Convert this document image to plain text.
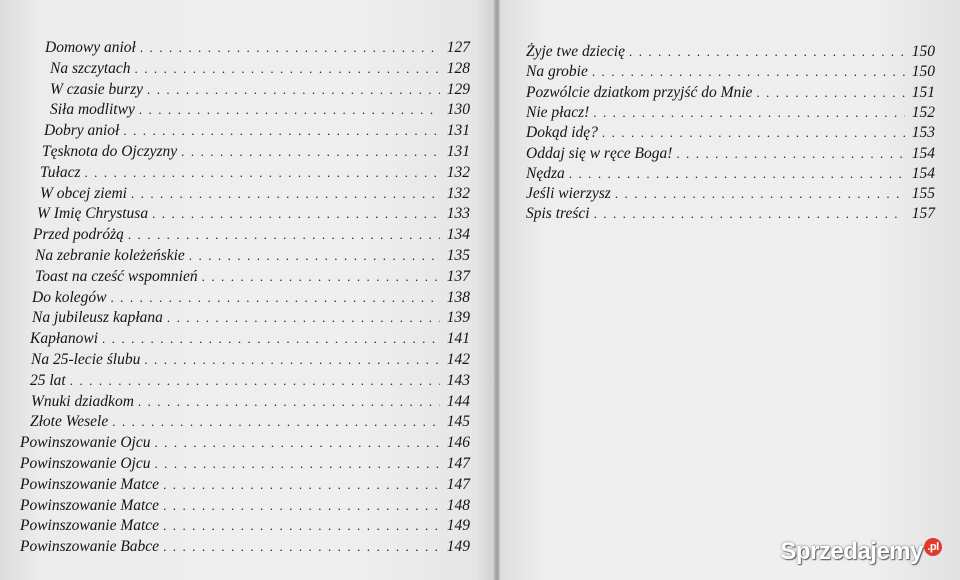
Domowy anioł . . .	127
Na szczytach . . .	128
W czasie burzy . . .	129
Siła modlitwy . . .	130
Dobry anioł . . .	131
Tęsknota do Ojczyzny . . .	131
Tułacz . . .	132
W obcej ziemi . . .	132
W Imię Chrystusa . . .	133
Przed podróżą . . .	134
Na zebranie koleżeńskie . . .	135
Toast na cześć wspomnień . . .	137
Do kolegów . . .	138
Na jubileusz kapłana . . .	139
Kapłanowi . . .	141
Na 25-lecie ślubu . . .	142
25 lat . . .	143
Wnuki dziadkom . . .	144
Złote Wesele . . .	145
Powinszowanie Ojcu . . .	146
Powinszowanie Ojcu . . .	147
Powinszowanie Matce . . .	147
Powinszowanie Matce . . .	148
Powinszowanie Matce . . .	149
Powinszowanie Babce . . .	149
Żyje twe dziecię . . .	150
Na grobie . . .	150
Pozwólcie dziatkom przyjść do Mnie . . .	151
Nie płacz! . . .	152
Dokąd idę? . . .	153
Oddaj się w ręce Boga! . . .	154
Nędza . . .	154
Jeśli wierzysz . . .	155
Spis treści . . .	157
Sprzedajemy .pl
